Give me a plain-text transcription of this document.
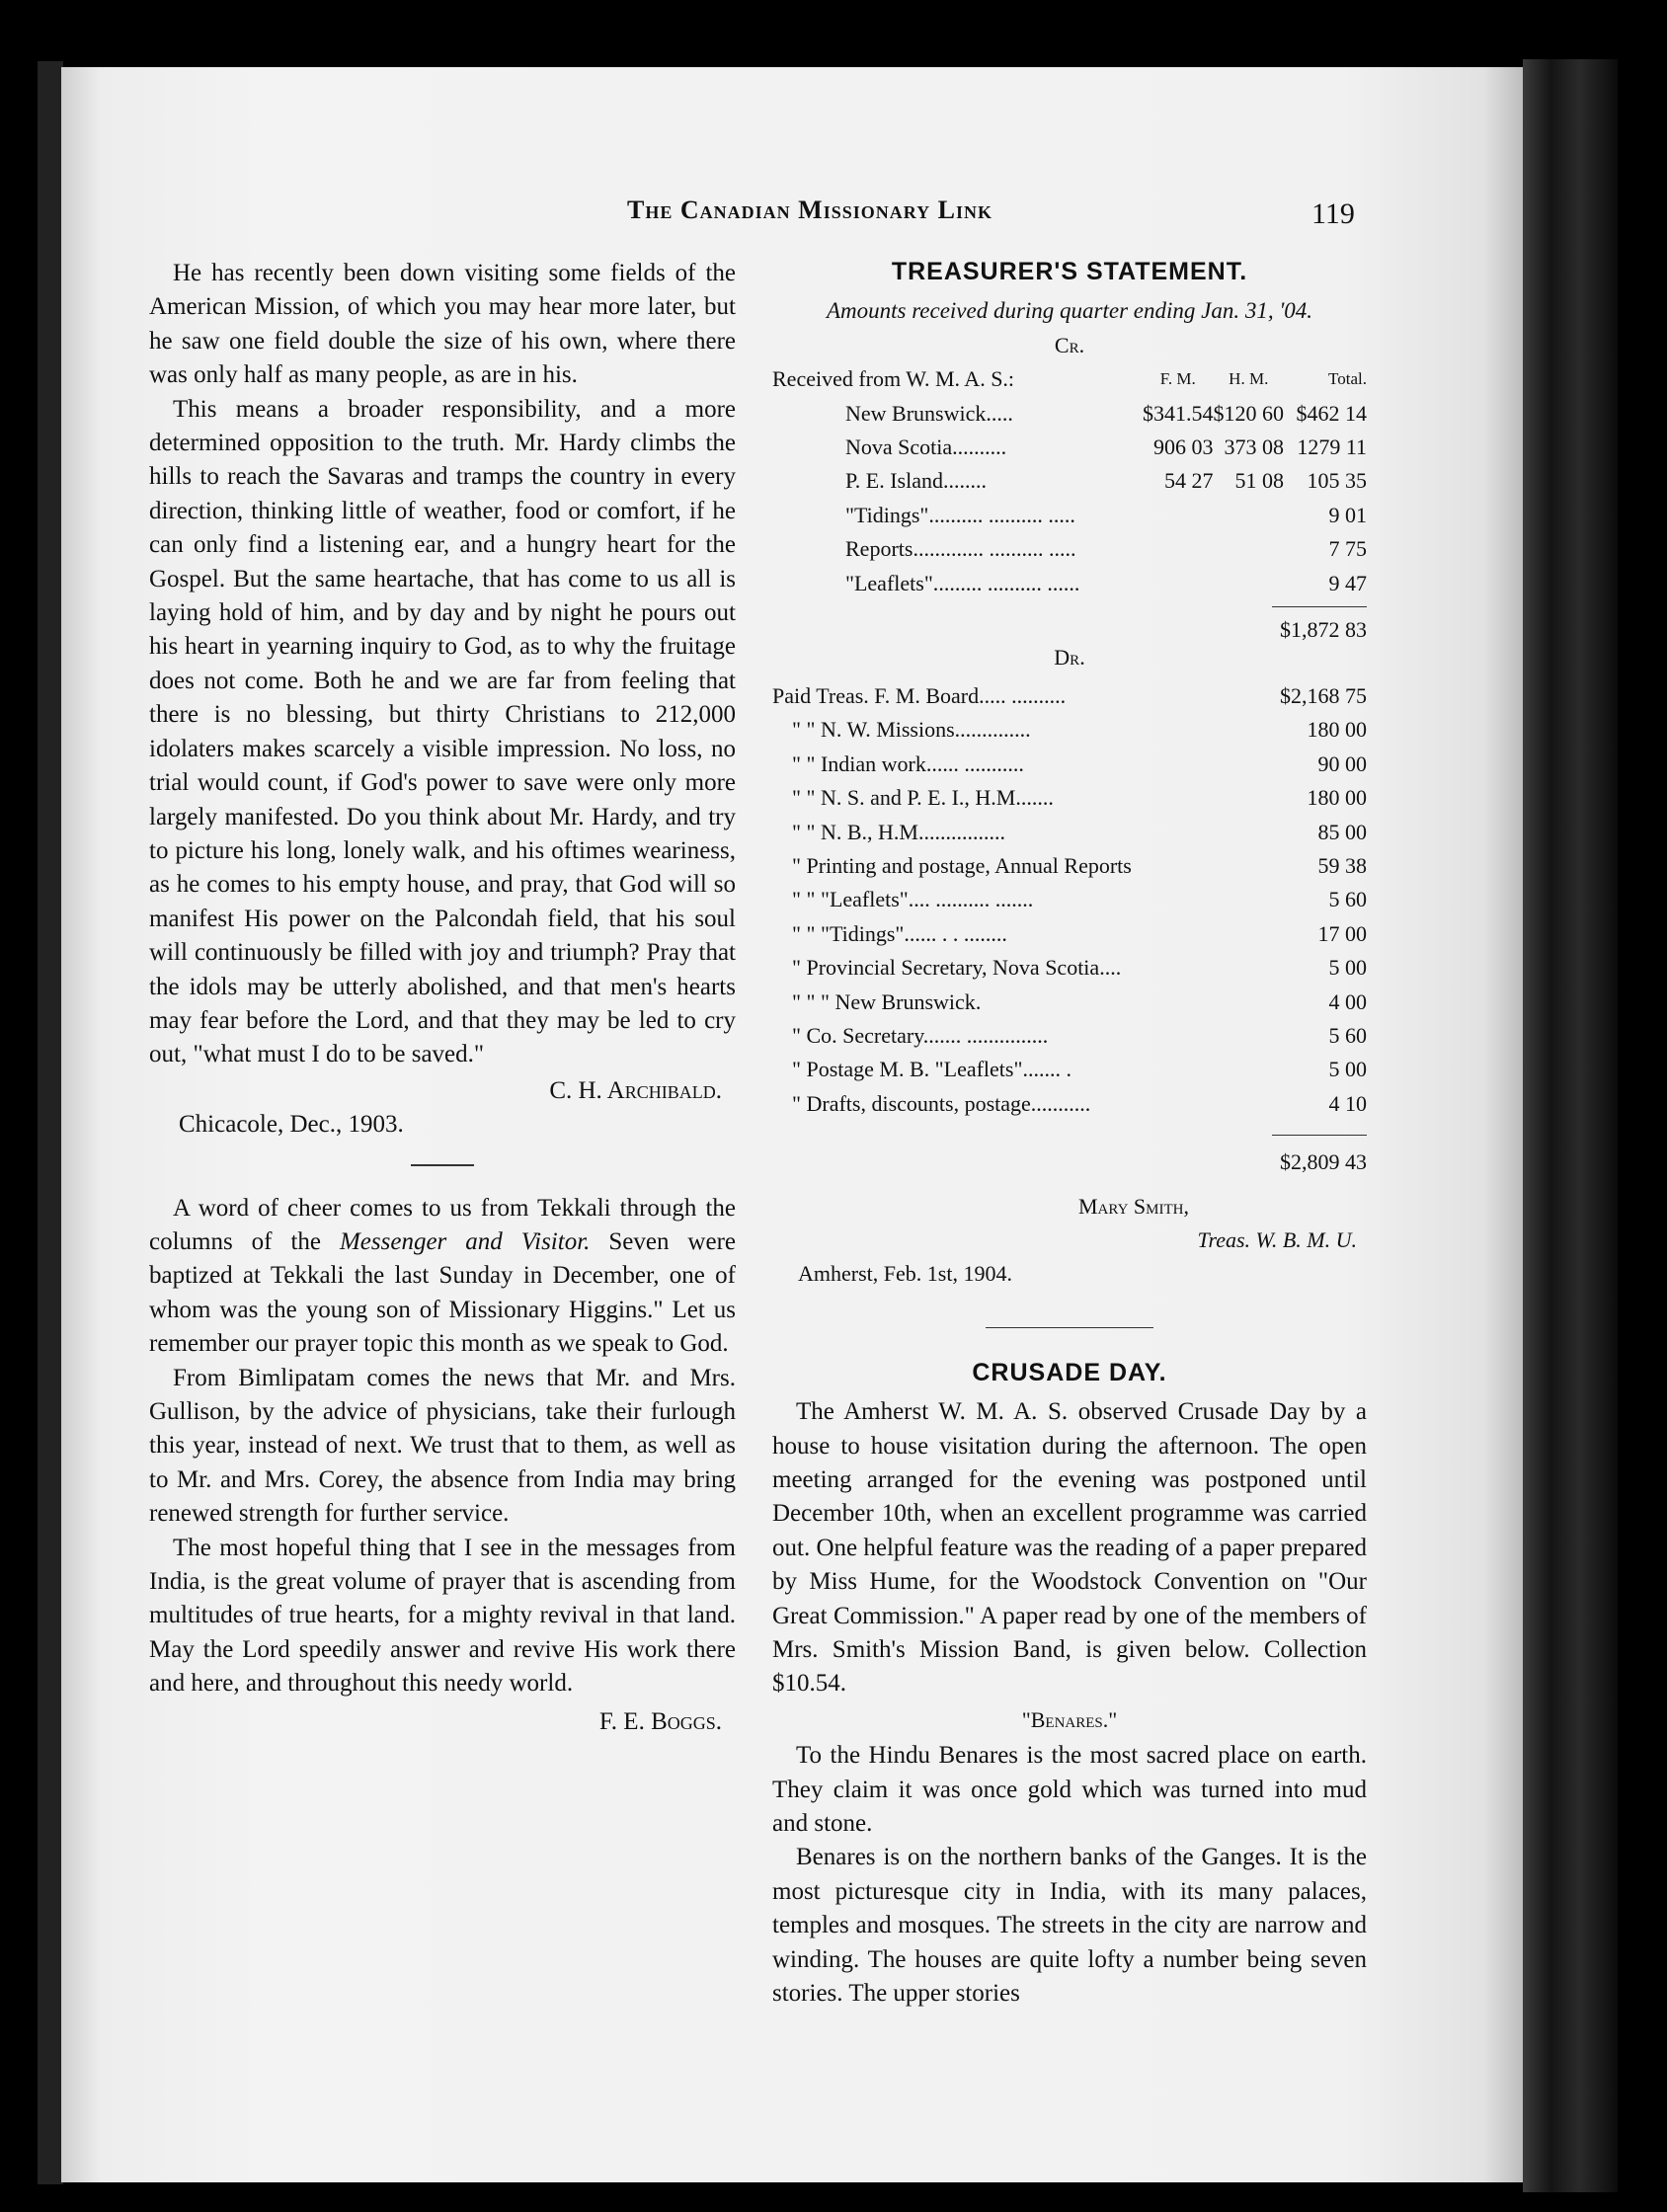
The Canadian Missionary Link	119

He has recently been down visiting some fields of the American Mission, of which you may hear more later, but he saw one field double the size of his own, where there was only half as many people, as are in his.

This means a broader responsibility, and a more determined opposition to the truth. Mr. Hardy climbs the hills to reach the Savaras and tramps the country in every direction, thinking little of weather, food or comfort, if he can only find a listening ear, and a hungry heart for the Gospel. But the same heartache, that has come to us all is laying hold of him, and by day and by night he pours out his heart in yearning inquiry to God, as to why the fruitage does not come. Both he and we are far from feeling that there is no blessing, but thirty Christians to 212,000 idolaters makes scarcely a visible impression. No loss, no trial would count, if God's power to save were only more largely manifested. Do you think about Mr. Hardy, and try to picture his long, lonely walk, and his oftimes weariness, as he comes to his empty house, and pray, that God will so manifest His power on the Palcondah field, that his soul will continuously be filled with joy and triumph? Pray that the idols may be utterly abolished, and that men's hearts may fear before the Lord, and that they may be led to cry out, "what must I do to be saved."

C. H. Archibald.
Chicacole, Dec., 1903.

A word of cheer comes to us from Tekkali through the columns of the Messenger and Visitor. Seven were baptized at Tekkali the last Sunday in December, one of whom was the young son of Missionary Higgins." Let us remember our prayer topic this month as we speak to God.

From Bimlipatam comes the news that Mr. and Mrs. Gullison, by the advice of physicians, take their furlough this year, instead of next. We trust that to them, as well as to Mr. and Mrs. Corey, the absence from India may bring renewed strength for further service.

The most hopeful thing that I see in the messages from India, is the great volume of prayer that is ascending from multitudes of true hearts, for a mighty revival in that land. May the Lord speedily answer and revive His work there and here, and throughout this needy world.

F. E. Boggs.
TREASURER'S STATEMENT.
Amounts received during quarter ending Jan. 31, '04.
Cr.
Received from W. M. A. S.:	F. M.	H. M.	Total.
New Brunswick.....	$341.54	$120 60	$462 14
Nova Scotia..........	906 03	373 08	1279 11
P. E. Island........	54 27	51 08	105 35
"Tidings".......... .......... .....			9 01
Reports............. .......... .....			7 75
"Leaflets"......... .......... ......			9 47
$1,872 83
Dr.
Paid Treas. F. M. Board..... ..........	$2,168 75
" " N. W. Missions..............	180 00
" " Indian work...... ...........	90 00
" " N. S. and P. E. I., H.M.......	180 00
" " N. B., H.M................	85 00
" Printing and postage, Annual Reports	59 38
" " "Leaflets".... .......... .......	5 60
" " "Tidings"...... . . ........	17 00
" Provincial Secretary, Nova Scotia....	5 00
" " " New Brunswick.	4 00
" Co. Secretary....... ...............	5 60
" Postage M. B. "Leaflets"....... .	5 00
" Drafts, discounts, postage...........	4 10
$2,809 43
Mary Smith,
Treas. W. B. M. U.
Amherst, Feb. 1st, 1904.
CRUSADE DAY.

The Amherst W. M. A. S. observed Crusade Day by a house to house visitation during the afternoon. The open meeting arranged for the evening was postponed until December 10th, when an excellent programme was carried out. One helpful feature was the reading of a paper prepared by Miss Hume, for the Woodstock Convention on "Our Great Commission." A paper read by one of the members of Mrs. Smith's Mission Band, is given below. Collection $10.54.

"Benares."

To the Hindu Benares is the most sacred place on earth. They claim it was once gold which was turned into mud and stone.

Benares is on the northern banks of the Ganges. It is the most picturesque city in India, with its many palaces, temples and mosques. The streets in the city are narrow and winding. The houses are quite lofty a number being seven stories. The upper stories
